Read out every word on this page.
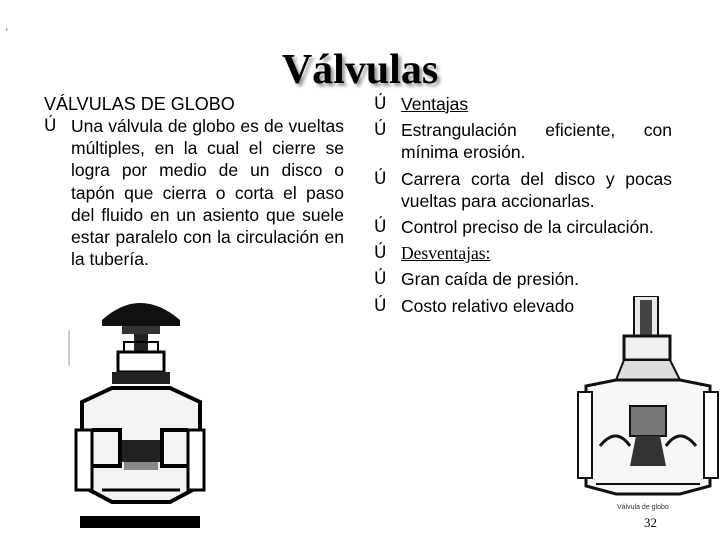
'
Válvulas
VÁLVULAS DE GLOBO
Ú Una válvula de globo es de vueltas múltiples, en la cual el cierre se logra por medio de un disco o tapón que cierra o corta el paso del fluido en un asiento que suele estar paralelo con la circulación en la tubería.

Ú Ventajas
Ú Estrangulación eficiente, con mínima erosión.
Ú Carrera corta del disco y pocas vueltas para accionarlas.
Ú Control preciso de la circulación.
Ú Desventajas:
Ú Gran caída de presión.
Ú Costo relativo elevado
Válvula de globo
32
